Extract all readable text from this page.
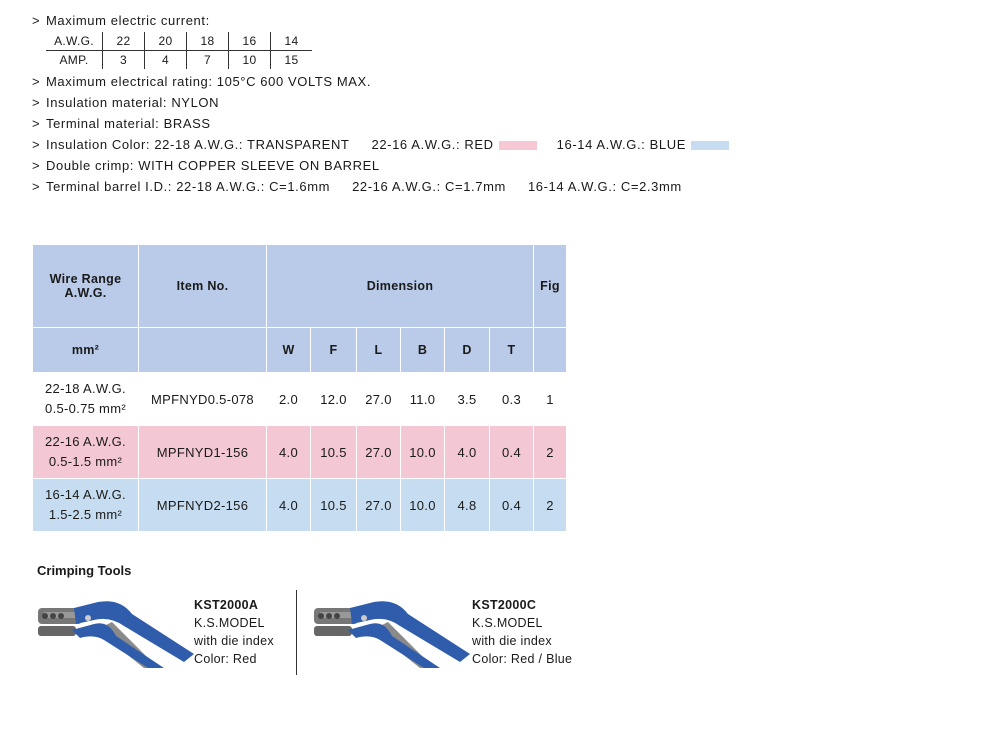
> Maximum electric current:
A.W.G.	22	20	18	16	14
AMP.	3	4	7	10	15
> Maximum electrical rating: 105°C 600 VOLTS MAX.
> Insulation material: NYLON
> Terminal material: BRASS
> Insulation Color: 22-18 A.W.G.: TRANSPARENT 22-16 A.W.G.: RED	16-14 A.W.G.: BLUE
> Double crimp: WITH COPPER SLEEVE ON BARREL
> Terminal barrel I.D.: 22-18 A.W.G.: C=1.6mm 22-16 A.W.G.: C=1.7mm 16-14 A.W.G.: C=2.3mm
Wire Range
A.W.G.	Item No.	Dimension						Fig
mm²		W	F	L	B	D	T	

22-18 A.W.G.
0.5-0.75 mm²	MPFNYD0.5-078	2.0	12.0	27.0	11.0	3.5	0.3	1

22-16 A.W.G.
0.5-1.5 mm²	MPFNYD1-156	4.0	10.5	27.0	10.0	4.0	0.4	2

16-14 A.W.G.
1.5-2.5 mm²	MPFNYD2-156	4.0	10.5	27.0	10.0	4.8	0.4	2
Crimping Tools
KST2000A
K.S.MODEL
with die index
Color: Red
KST2000C
K.S.MODEL
with die index
Color: Red / Blue
